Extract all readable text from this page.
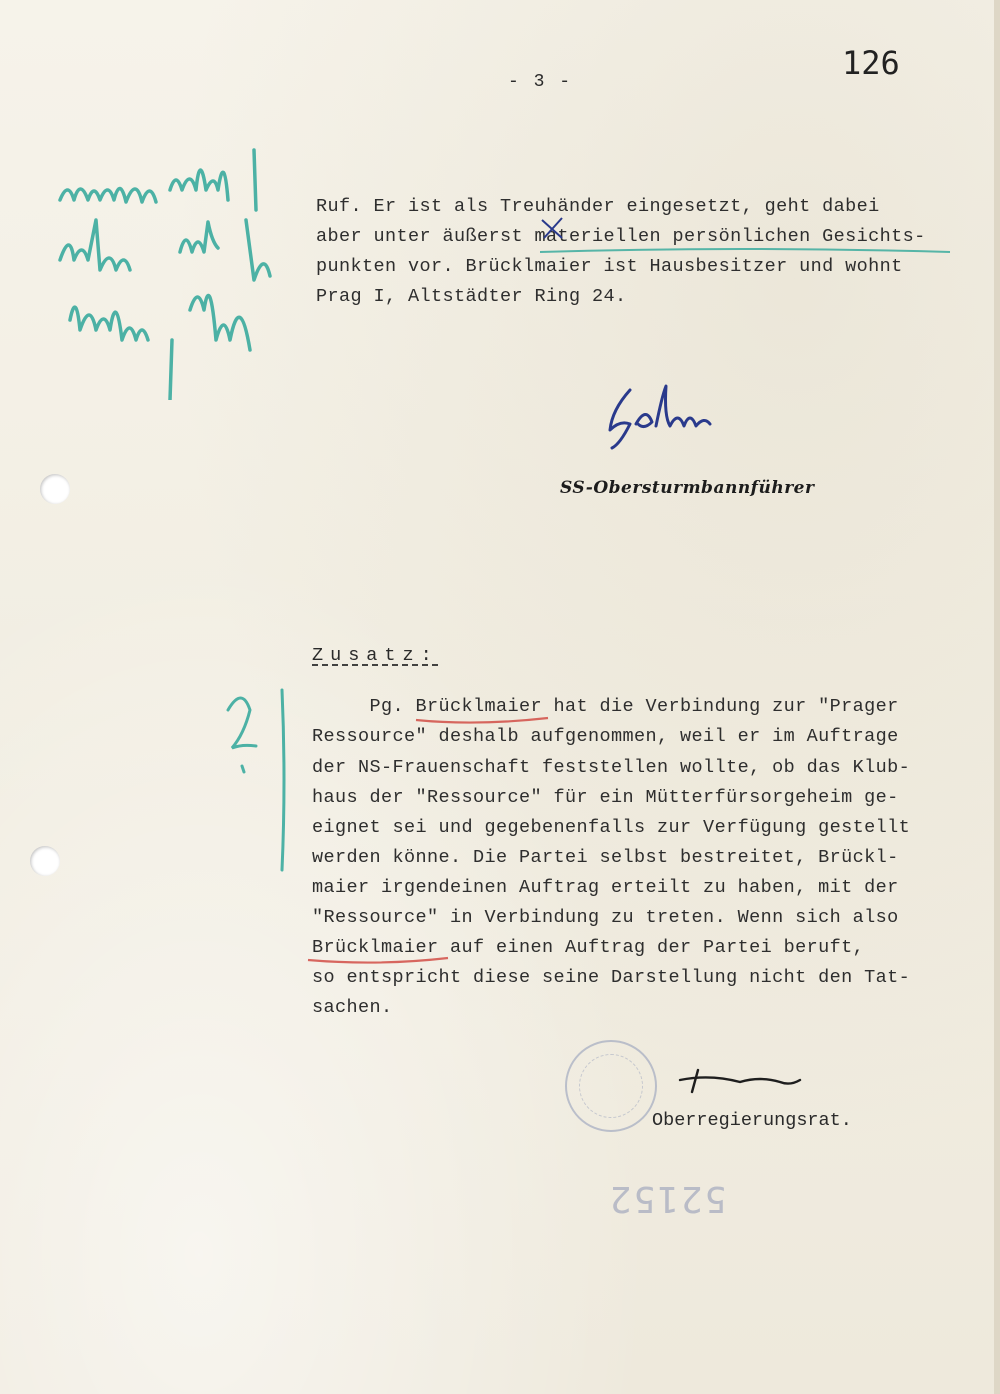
- 3 -	126
Ruf. Er ist als Treuhänder eingesetzt, geht dabei
aber unter äußerst materiellen persönlichen Gesichts-
punkten vor. Brücklmaier ist Hausbesitzer und wohnt
Prag I, Altstädter Ring 24.
SS-Obersturmbannführer
Zusatz:
Pg. Brücklmaier hat die Verbindung zur "Prager
Ressource" deshalb aufgenommen, weil er im Auftrage
der NS-Frauenschaft feststellen wollte, ob das Klub-
haus der "Ressource" für ein Mütterfürsorgeheim ge-
eignet sei und gegebenenfalls zur Verfügung gestellt
werden könne. Die Partei selbst bestreitet, Brückl-
maier irgendeinen Auftrag erteilt zu haben, mit der
"Ressource" in Verbindung zu treten. Wenn sich also
Brücklmaier auf einen Auftrag der Partei beruft,
so entspricht diese seine Darstellung nicht den Tat-
sachen.
Oberregierungsrat.
52152
